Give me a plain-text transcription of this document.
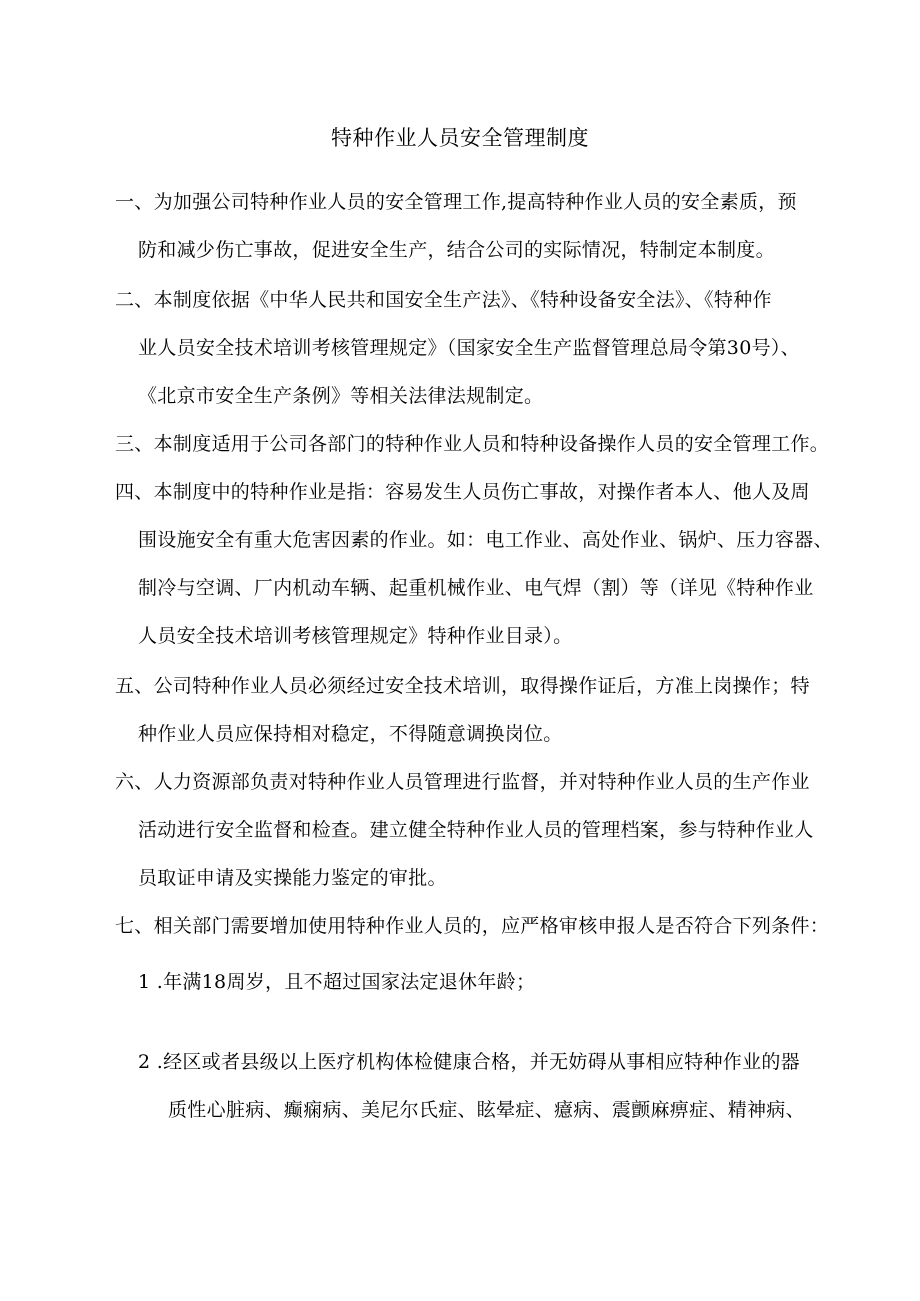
特种作业人员安全管理制度
一、为加强公司特种作业人员的安全管理工作,提高特种作业人员的安全素质，预
防和减少伤亡事故，促进安全生产，结合公司的实际情况，特制定本制度。
二、本制度依据《中华人民共和国安全生产法》、《特种设备安全法》、《特种作
业人员安全技术培训考核管理规定》（国家安全生产监督管理总局令第30号）、
《北京市安全生产条例》等相关法律法规制定。
三、本制度适用于公司各部门的特种作业人员和特种设备操作人员的安全管理工作。
四、本制度中的特种作业是指：容易发生人员伤亡事故，对操作者本人、他人及周
围设施安全有重大危害因素的作业。如：电工作业、高处作业、锅炉、压力容器、
制冷与空调、厂内机动车辆、起重机械作业、电气焊（割）等（详见《特种作业
人员安全技术培训考核管理规定》特种作业目录）。
五、公司特种作业人员必须经过安全技术培训，取得操作证后，方准上岗操作；特
种作业人员应保持相对稳定，不得随意调换岗位。
六、人力资源部负责对特种作业人员管理进行监督，并对特种作业人员的生产作业
活动进行安全监督和检查。建立健全特种作业人员的管理档案，参与特种作业人
员取证申请及实操能力鉴定的审批。
七、相关部门需要增加使用特种作业人员的，应严格审核申报人是否符合下列条件：
1 .年满18周岁，且不超过国家法定退休年龄；
2 .经区或者县级以上医疗机构体检健康合格，并无妨碍从事相应特种作业的器
质性心脏病、癫痫病、美尼尔氏症、眩晕症、癔病、震颤麻痹症、精神病、
